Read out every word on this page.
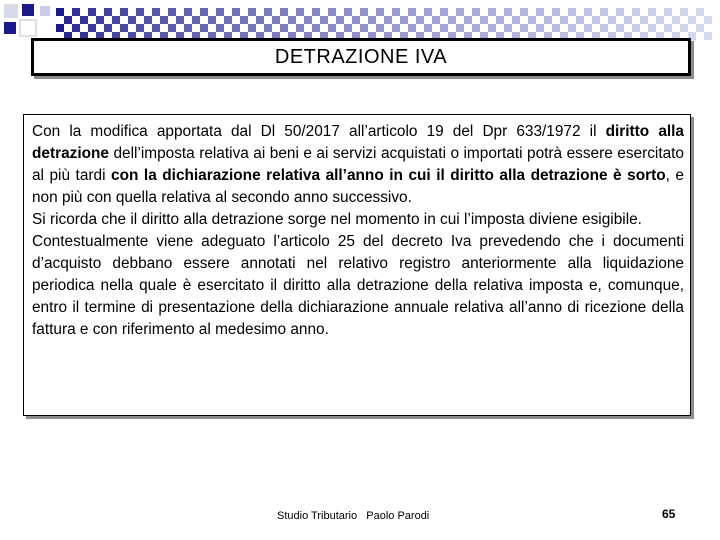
DETRAZIONE IVA

Con la modifica apportata dal Dl 50/2017 all’articolo 19 del Dpr 633/1972 il diritto alla detrazione dell’imposta relativa ai beni e ai servizi acquistati o importati potrà essere esercitato al più tardi con la dichiarazione relativa all’anno in cui il diritto alla detrazione è sorto, e non più con quella relativa al secondo anno successivo.

Si ricorda che il diritto alla detrazione sorge nel momento in cui l’imposta diviene esigibile.

Contestualmente viene adeguato l’articolo 25 del decreto Iva prevedendo che i documenti d’acquisto debbano essere annotati nel relativo registro anteriormente alla liquidazione periodica nella quale è esercitato il diritto alla detrazione della relativa imposta e, comunque, entro il termine di presentazione della dichiarazione annuale relativa all’anno di ricezione della fattura e con riferimento al medesimo anno.

Studio Tributario   Paolo Parodi	65
